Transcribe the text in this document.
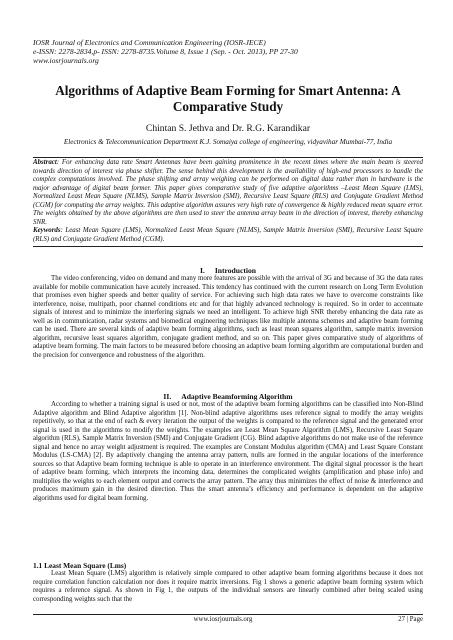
IOSR Journal of Electronics and Communication Engineering (IOSR-JECE)
e-ISSN: 2278-2834,p- ISSN: 2278-8735.Volume 8, Issue 1 (Sep. - Oct. 2013), PP 27-30
www.iosrjournals.org
Algorithms of Adaptive Beam Forming for Smart Antenna: A Comparative Study
Chintan S. Jethva and Dr. R.G. Karandikar
Electronics & Telecommunication Department K.J. Somaiya college of engineering, vidyavihar Mumbai-77, India

Abstract: For enhancing data rate Smart Antennas have been gaining prominence in the recent times where the main beam is steered towards direction of interest via phase shifter. The sense behind this development is the availability of high-end processors to handle the complex computations involved. The phase shifting and array weighing can be performed on digital data rather than in hardware is the major advantage of digital beam former. This paper gives comparative study of five adaptive algorithms –Least Mean Square (LMS), Normalized Least Mean Square (NLMS), Sample Matrix Inversion (SMI), Recursive Least Square (RLS) and Conjugate Gradient Method (CGM) for computing the array weights. This adaptive algorithm assures very high rate of convergence & highly reduced mean square error. The weights obtained by the above algorithms are then used to steer the antenna array beam in the direction of interest, thereby enhancing SNR.

Keywords: Least Mean Square (LMS), Normalized Least Mean Square (NLMS), Sample Matrix Inversion (SMI), Recursive Least Square (RLS) and Conjugate Gradient Method (CGM).

I. Introduction

The video conferencing, video on demand and many more features are possible with the arrival of 3G and because of 3G the data rates available for mobile communication have acutely increased. This tendency has continued with the current research on Long Term Evolution that promises even higher speeds and better quality of service. For achieving such high data rates we have to overcome constraints like interference, noise, multipath, poor channel conditions etc and for that highly advanced technology is required. So in order to accentuate signals of interest and to minimize the interfering signals we need an intelligent. To achieve high SNR thereby enhancing the data rate as well as in communication, radar systems and biomedical engineering techniques like multiple antenna schemes and adaptive beam forming can be used. There are several kinds of adaptive beam forming algorithms, such as least mean squares algorithm, sample matrix inversion algorithm, recursive least squares algorithm, conjugate gradient method, and so on. This paper gives comparative study of algorithms of adaptive beam forming. The main factors to be measured before choosing an adaptive beam forming algorithm are computational burden and the precision for convergence and robustness of the algorithm.

II. Adaptive Beamforming Algorithm

According to whether a training signal is used or not, most of the adaptive beam forming algorithms can be classified into Non-Blind Adaptive algorithm and Blind Adaptive algorithm [1]. Non-blind adaptive algorithms uses reference signal to modify the array weights repetitively, so that at the end of each & every iteration the output of the weights is compared to the reference signal and the generated error signal is used in the algorithms to modify the weights. The examples are Least Mean Square Algorithm (LMS), Recursive Least Square algorithm (RLS), Sample Matrix Inversion (SMI) and Conjugate Gradient (CG). Blind adaptive algorithms do not make use of the reference signal and hence no array weight adjustment is required. The examples are Constant Modulus algorithm (CMA) and Least Square Constant Modulus (LS-CMA) [2]. By adaptively changing the antenna array pattern, nulls are formed in the angular locations of the interference sources so that Adaptive beam forming technique is able to operate in an interference environment. The digital signal processor is the heart of adaptive beam forming, which interprets the incoming data, determines the complicated weights (amplification and phase info) and multiplies the weights to each element output and corrects the array pattern. The array thus minimizes the effect of noise & interference and produces maximum gain in the desired direction. Thus the smart antenna’s efficiency and performance is dependent on the adaptive algorithms used for digital beam forming.

1.1 Least Mean Square (Lms)

Least Mean Square (LMS) algorithm is relatively simple compared to other adaptive beam forming algorithms because it does not require correlation function calculation nor does it require matrix inversions. Fig 1 shows a generic adaptive beam forming system which requires a reference signal. As shown in Fig 1, the outputs of the individual sensors are linearly combined after being scaled using corresponding weights such that the

www.iosrjournals.org	27 | Page
